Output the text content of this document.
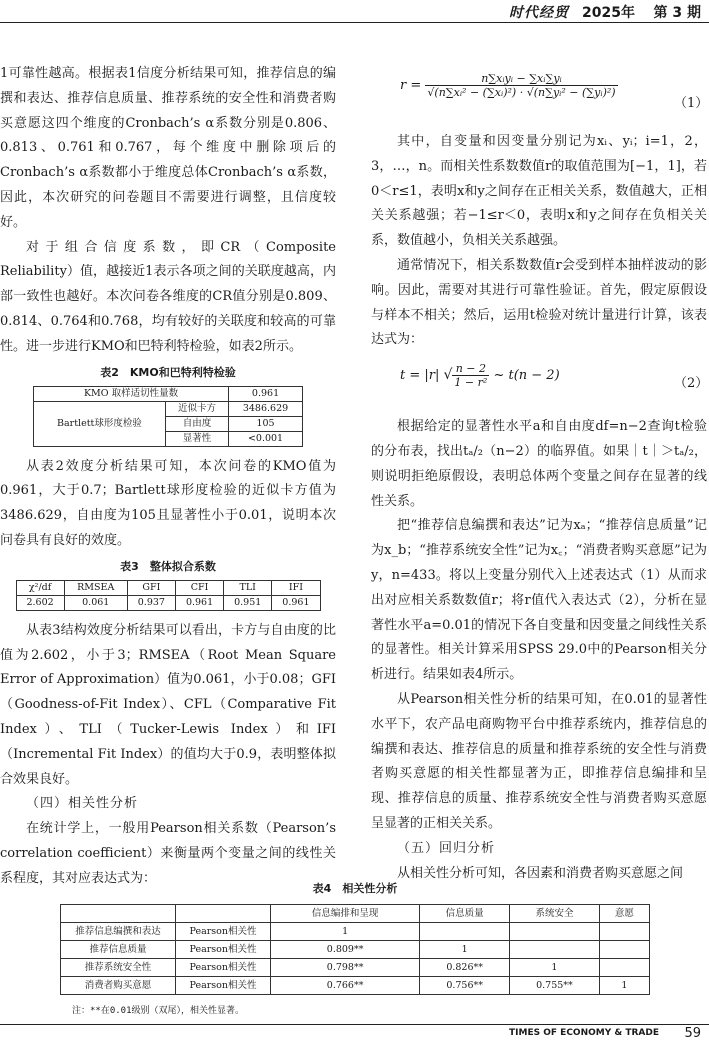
时代经贸 2025年 第 3 期

1可靠性越高。根据表1信度分析结果可知，推荐信息的编撰和表达、推荐信息质量、推荐系统的安全性和消费者购买意愿这四个维度的Cronbach’s α系数分别是0.806、0.813、0.761和0.767，每个维度中删除项后的Cronbach’s α系数都小于维度总体Cronbach’s α系数，因此，本次研究的问卷题目不需要进行调整，且信度较好。

对于组合信度系数，即CR（Composite Reliability）值，越接近1表示各项之间的关联度越高，内部一致性也越好。本次问卷各维度的CR值分别是0.809、0.814、0.764和0.768，均有较好的关联度和较高的可靠性。进一步进行KMO和巴特利特检验，如表2所示。

表2　KMO和巴特利特检验
KMO 取样适切性量数		0.961
Bartlett球形度检验	近似卡方	3486.629
	自由度	105
	显著性	<0.001

从表2效度分析结果可知，本次问卷的KMO值为0.961，大于0.7；Bartlett球形度检验的近似卡方值为3486.629，自由度为105且显著性小于0.01，说明本次问卷具有良好的效度。

表3　整体拟合系数
χ²/df	RMSEA	GFI	CFI	TLI	IFI
2.602	0.061	0.937	0.961	0.951	0.961

从表3结构效度分析结果可以看出，卡方与自由度的比值为2.602，小于3；RMSEA（Root Mean Square Error of Approximation）值为0.061，小于0.08；GFI（Goodness-of-Fit Index）、CFL（Comparative Fit Index）、TLI（Tucker-Lewis Index）和IFI（Incremental Fit Index）的值均大于0.9，表明整体拟合效果良好。

（四）相关性分析

在统计学上，一般用Pearson相关系数（Pearson’s correlation coefficient）来衡量两个变量之间的线性关系程度，其对应表达式为：

$r = \frac{\text{n∑xᵢyᵢ − ∑xᵢ∑yᵢ}}{\text{√(n∑xᵢ² − (∑xᵢ)²) · √(n∑yᵢ² − (∑yᵢ)²)}}$
（1）

其中，自变量和因变量分别记为xᵢ、yᵢ；i=1，2，3，…，n。而相关性系数数值r的取值范围为[−1，1]，若0＜r≤1，表明x和y之间存在正相关关系，数值越大，正相关关系越强；若−1≤r＜0，表明x和y之间存在负相关关系，数值越小，负相关关系越强。

通常情况下，相关系数数值r会受到样本抽样波动的影响。因此，需要对其进行可靠性验证。首先，假定原假设与样本不相关；然后，运用t检验对统计量进行计算，该表达式为：

根据给定的显著性水平a和自由度df=n−2查询t检验的分布表，找出tₐ/₂（n−2）的临界值。如果｜t｜＞tₐ/₂，则说明拒绝原假设，表明总体两个变量之间存在显著的线性关系。

把“推荐信息编撰和表达”记为xₐ；“推荐信息质量”记为x_b；“推荐系统安全性”记为x꜀；“消费者购买意愿”记为y，n=433。将以上变量分别代入上述表达式（1）从而求出对应相关系数数值r；将r值代入表达式（2），分析在显著性水平a=0.01的情况下各自变量和因变量之间线性关系的显著性。相关计算采用SPSS 29.0中的Pearson相关分析进行。结果如表4所示。

从Pearson相关性分析的结果可知，在0.01的显著性水平下，农产品电商购物平台中推荐系统内，推荐信息的编撰和表达、推荐信息的质量和推荐系统的安全性与消费者购买意愿的相关性都显著为正，即推荐信息编排和呈现、推荐信息的质量、推荐系统安全性与消费者购买意愿呈显著的正相关关系。

（五）回归分析

从相关性分析可知，各因素和消费者购买意愿之间

t = |r| √ $\frac{n - 2}{\text{1 − r²}}$ ~ t(n − 2)
（2）
表4　相关性分析
		信息编排和呈现	信息质量	系统安全	意愿
推荐信息编撰和表达	Pearson相关性	1			
推荐信息质量	Pearson相关性	0.809**	1		
推荐系统安全性	Pearson相关性	0.798**	0.826**	1	
消费者购买意愿	Pearson相关性	0.766**	0.756**	0.755**	1
注：**在0.01级别（双尾），相关性显著。
TIMES OF ECONOMY & TRADE 59
